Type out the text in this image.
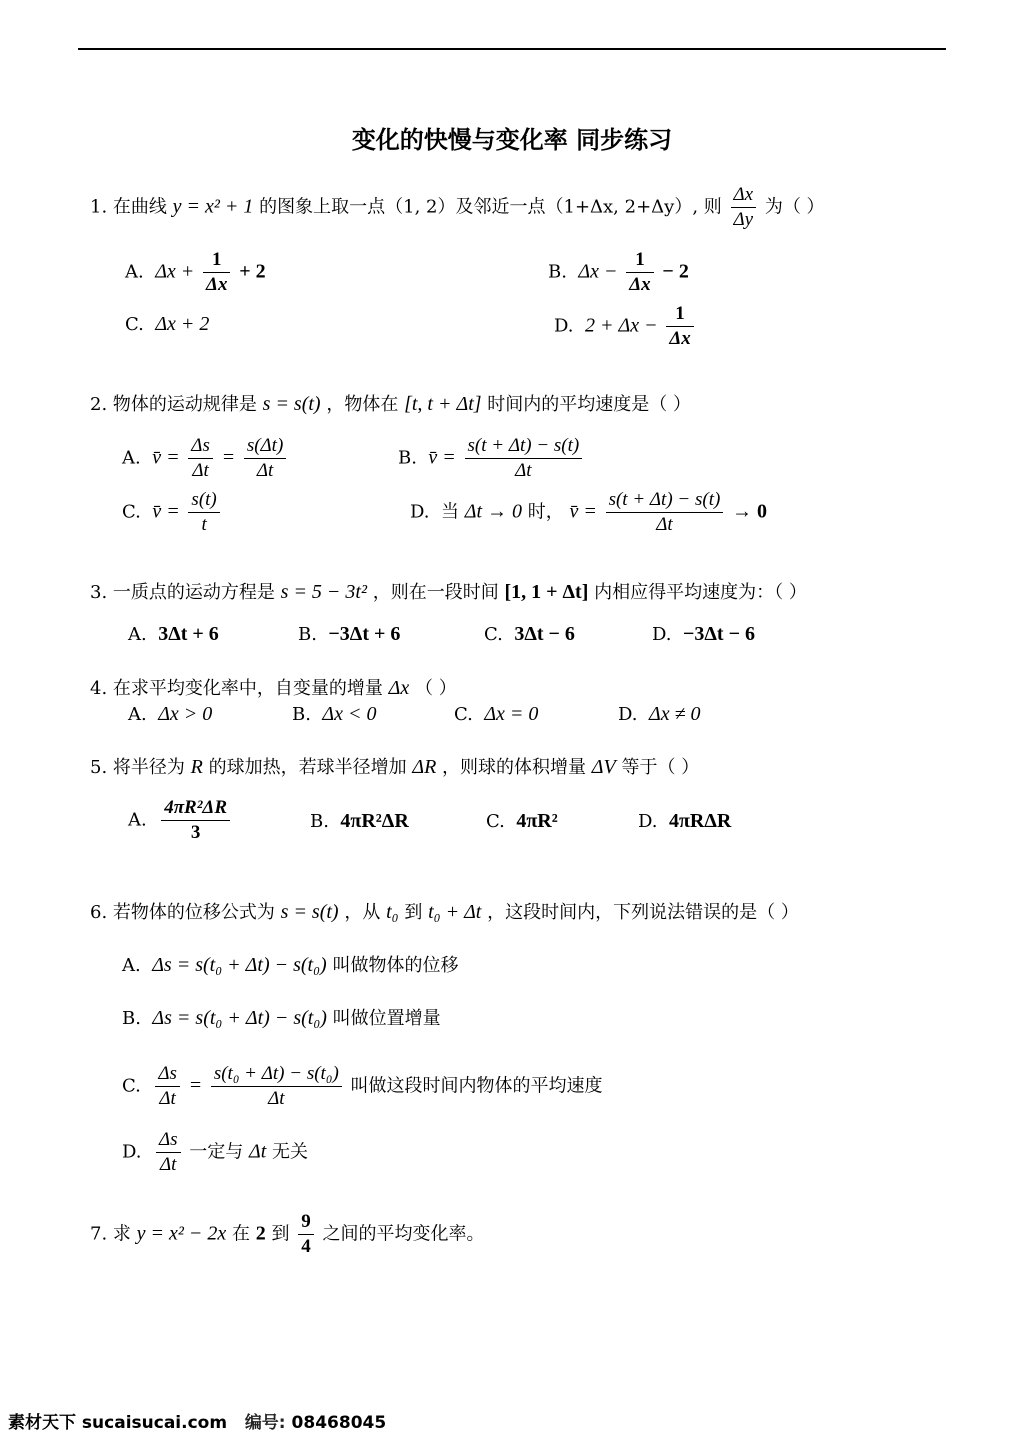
变化的快慢与变化率 同步练习
1. 在曲线 y = x² + 1 的图象上取一点（1, 2）及邻近一点（1+Δx, 2+Δy）, 则 $\frac{\Delta x}{\Delta y}$ 为（ ）
A. $\Delta x + \frac{1}{\Delta x} + 2$	B. $\Delta x - \frac{1}{\Delta x} - 2$
C. Δx + 2	D. $2 + \Delta x - \frac{1}{\Delta x}$
2. 物体的运动规律是 s = s(t) ，物体在 [t, t + Δt] 时间内的平均速度是（ ）
A. v̄ = $\frac{\Delta s}{\Delta t} = \frac{s(\Delta t)}{\Delta t}$	B. v̄ = $\frac{s(t + \Delta t) - s(t)}{\Delta t}$
C. v̄ = $\frac{s(t)}{t}$	D. 当 Δt → 0 时， v̄ = $\frac{s(t + \Delta t) - s(t)}{\Delta t} \to 0$
3. 一质点的运动方程是 s = 5 − 3t² ，则在一段时间 [1, 1 + Δt] 内相应得平均速度为：（ ）
A. 3Δt + 6	B. −3Δt + 6	C. 3Δt − 6	D. −3Δt − 6
4. 在求平均变化率中，自变量的增量 Δx （ ）
A. Δx > 0	B. Δx < 0	C. Δx = 0	D. Δx ≠ 0
5. 将半径为 R 的球加热，若球半径增加 ΔR ，则球的体积增量 ΔV 等于（ ）
A. $\frac{\text{4πR²ΔR}}{3}$	B. 4πR²ΔR	C. 4πR²	D. 4πRΔR
6. 若物体的位移公式为 s = s(t) ，从 t₀ 到 t₀ + Δt ，这段时间内，下列说法错误的是（ ）
A. Δs = s(t₀ + Δt) − s(t₀) 叫做物体的位移
B. Δs = s(t₀ + Δt) − s(t₀) 叫做位置增量
C. $\frac{\Delta s}{\Delta t} = \frac{\text{s(t₀ + Δt) − s(t₀)}}{\Delta t}$ 叫做这段时间内物体的平均速度
D. $\frac{\Delta s}{\Delta t}$ 一定与 Δt 无关
7. 求 y = x² − 2x 在 2 到 $\frac{9}{4}$ 之间的平均变化率。
素材天下 sucaisucai.com 编号: 08468045
